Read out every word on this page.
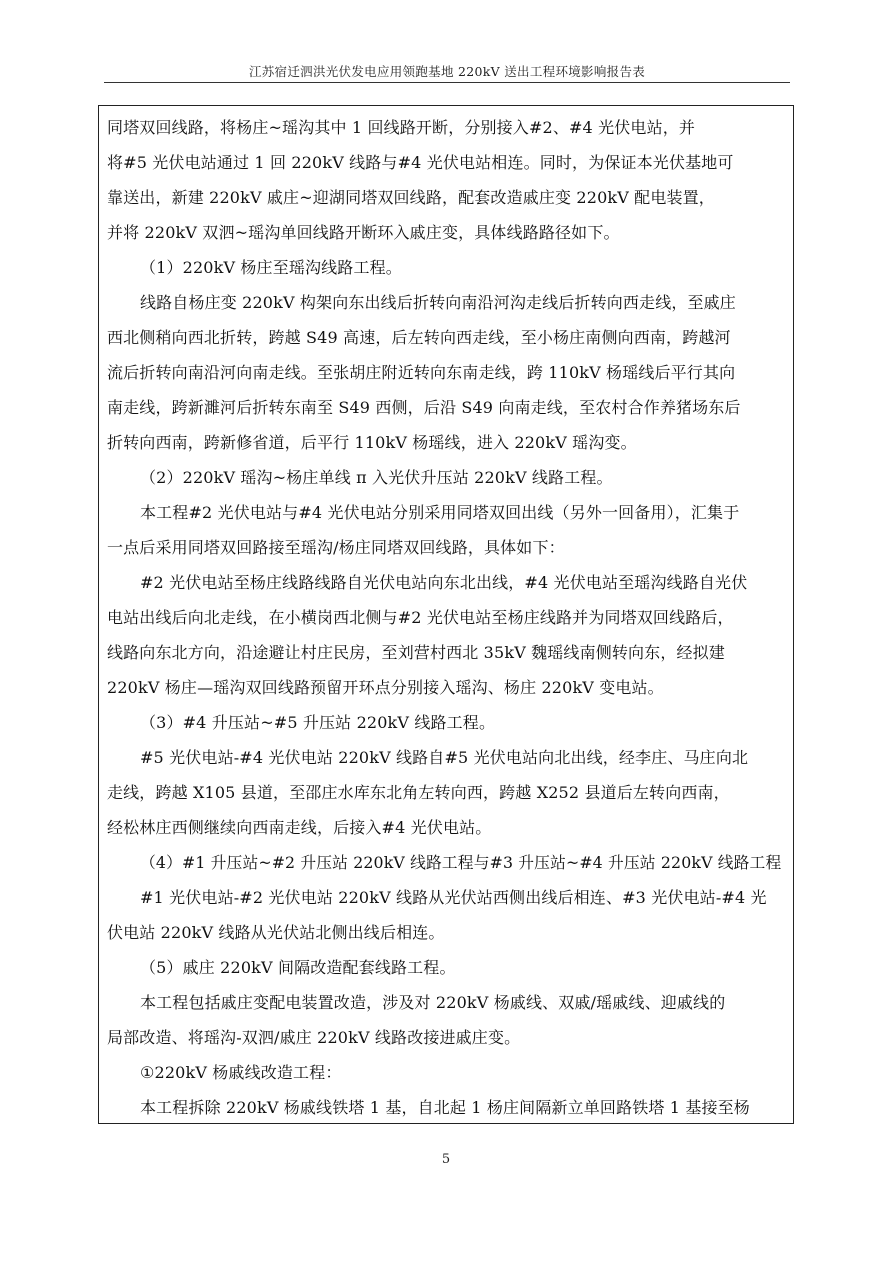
江苏宿迁泗洪光伏发电应用领跑基地 220kV 送出工程环境影响报告表
同塔双回线路，将杨庄~瑶沟其中 1 回线路开断，分别接入#2、#4 光伏电站，并
将#5 光伏电站通过 1 回 220kV 线路与#4 光伏电站相连。同时，为保证本光伏基地可
靠送出，新建 220kV 戚庄~迎湖同塔双回线路，配套改造戚庄变 220kV 配电装置，
并将 220kV 双泗~瑶沟单回线路开断环入戚庄变，具体线路路径如下。
（1）220kV 杨庄至瑶沟线路工程。
线路自杨庄变 220kV 构架向东出线后折转向南沿河沟走线后折转向西走线，至戚庄
西北侧稍向西北折转，跨越 S49 高速，后左转向西走线，至小杨庄南侧向西南，跨越河
流后折转向南沿河向南走线。至张胡庄附近转向东南走线，跨 110kV 杨瑶线后平行其向
南走线，跨新濉河后折转东南至 S49 西侧，后沿 S49 向南走线，至农村合作养猪场东后
折转向西南，跨新修省道，后平行 110kV 杨瑶线，进入 220kV 瑶沟变。
（2）220kV 瑶沟~杨庄单线 π 入光伏升压站 220kV 线路工程。
本工程#2 光伏电站与#4 光伏电站分别采用同塔双回出线（另外一回备用），汇集于
一点后采用同塔双回路接至瑶沟/杨庄同塔双回线路，具体如下：
#2 光伏电站至杨庄线路线路自光伏电站向东北出线，#4 光伏电站至瑶沟线路自光伏
电站出线后向北走线，在小横岗西北侧与#2 光伏电站至杨庄线路并为同塔双回线路后，
线路向东北方向，沿途避让村庄民房，至刘营村西北 35kV 魏瑶线南侧转向东，经拟建
220kV 杨庄—瑶沟双回线路预留开环点分别接入瑶沟、杨庄 220kV 变电站。
（3）#4 升压站~#5 升压站 220kV 线路工程。
#5 光伏电站-#4 光伏电站 220kV 线路自#5 光伏电站向北出线，经李庄、马庄向北
走线，跨越 X105 县道，至邵庄水库东北角左转向西，跨越 X252 县道后左转向西南，
经松林庄西侧继续向西南走线，后接入#4 光伏电站。
（4）#1 升压站~#2 升压站 220kV 线路工程与#3 升压站~#4 升压站 220kV 线路工程
#1 光伏电站-#2 光伏电站 220kV 线路从光伏站西侧出线后相连、#3 光伏电站-#4 光
伏电站 220kV 线路从光伏站北侧出线后相连。
（5）戚庄 220kV 间隔改造配套线路工程。
本工程包括戚庄变配电装置改造，涉及对 220kV 杨戚线、双戚/瑶戚线、迎戚线的
局部改造、将瑶沟-双泗/戚庄 220kV 线路改接进戚庄变。
①220kV 杨戚线改造工程：
本工程拆除 220kV 杨戚线铁塔 1 基，自北起 1 杨庄间隔新立单回路铁塔 1 基接至杨
5
